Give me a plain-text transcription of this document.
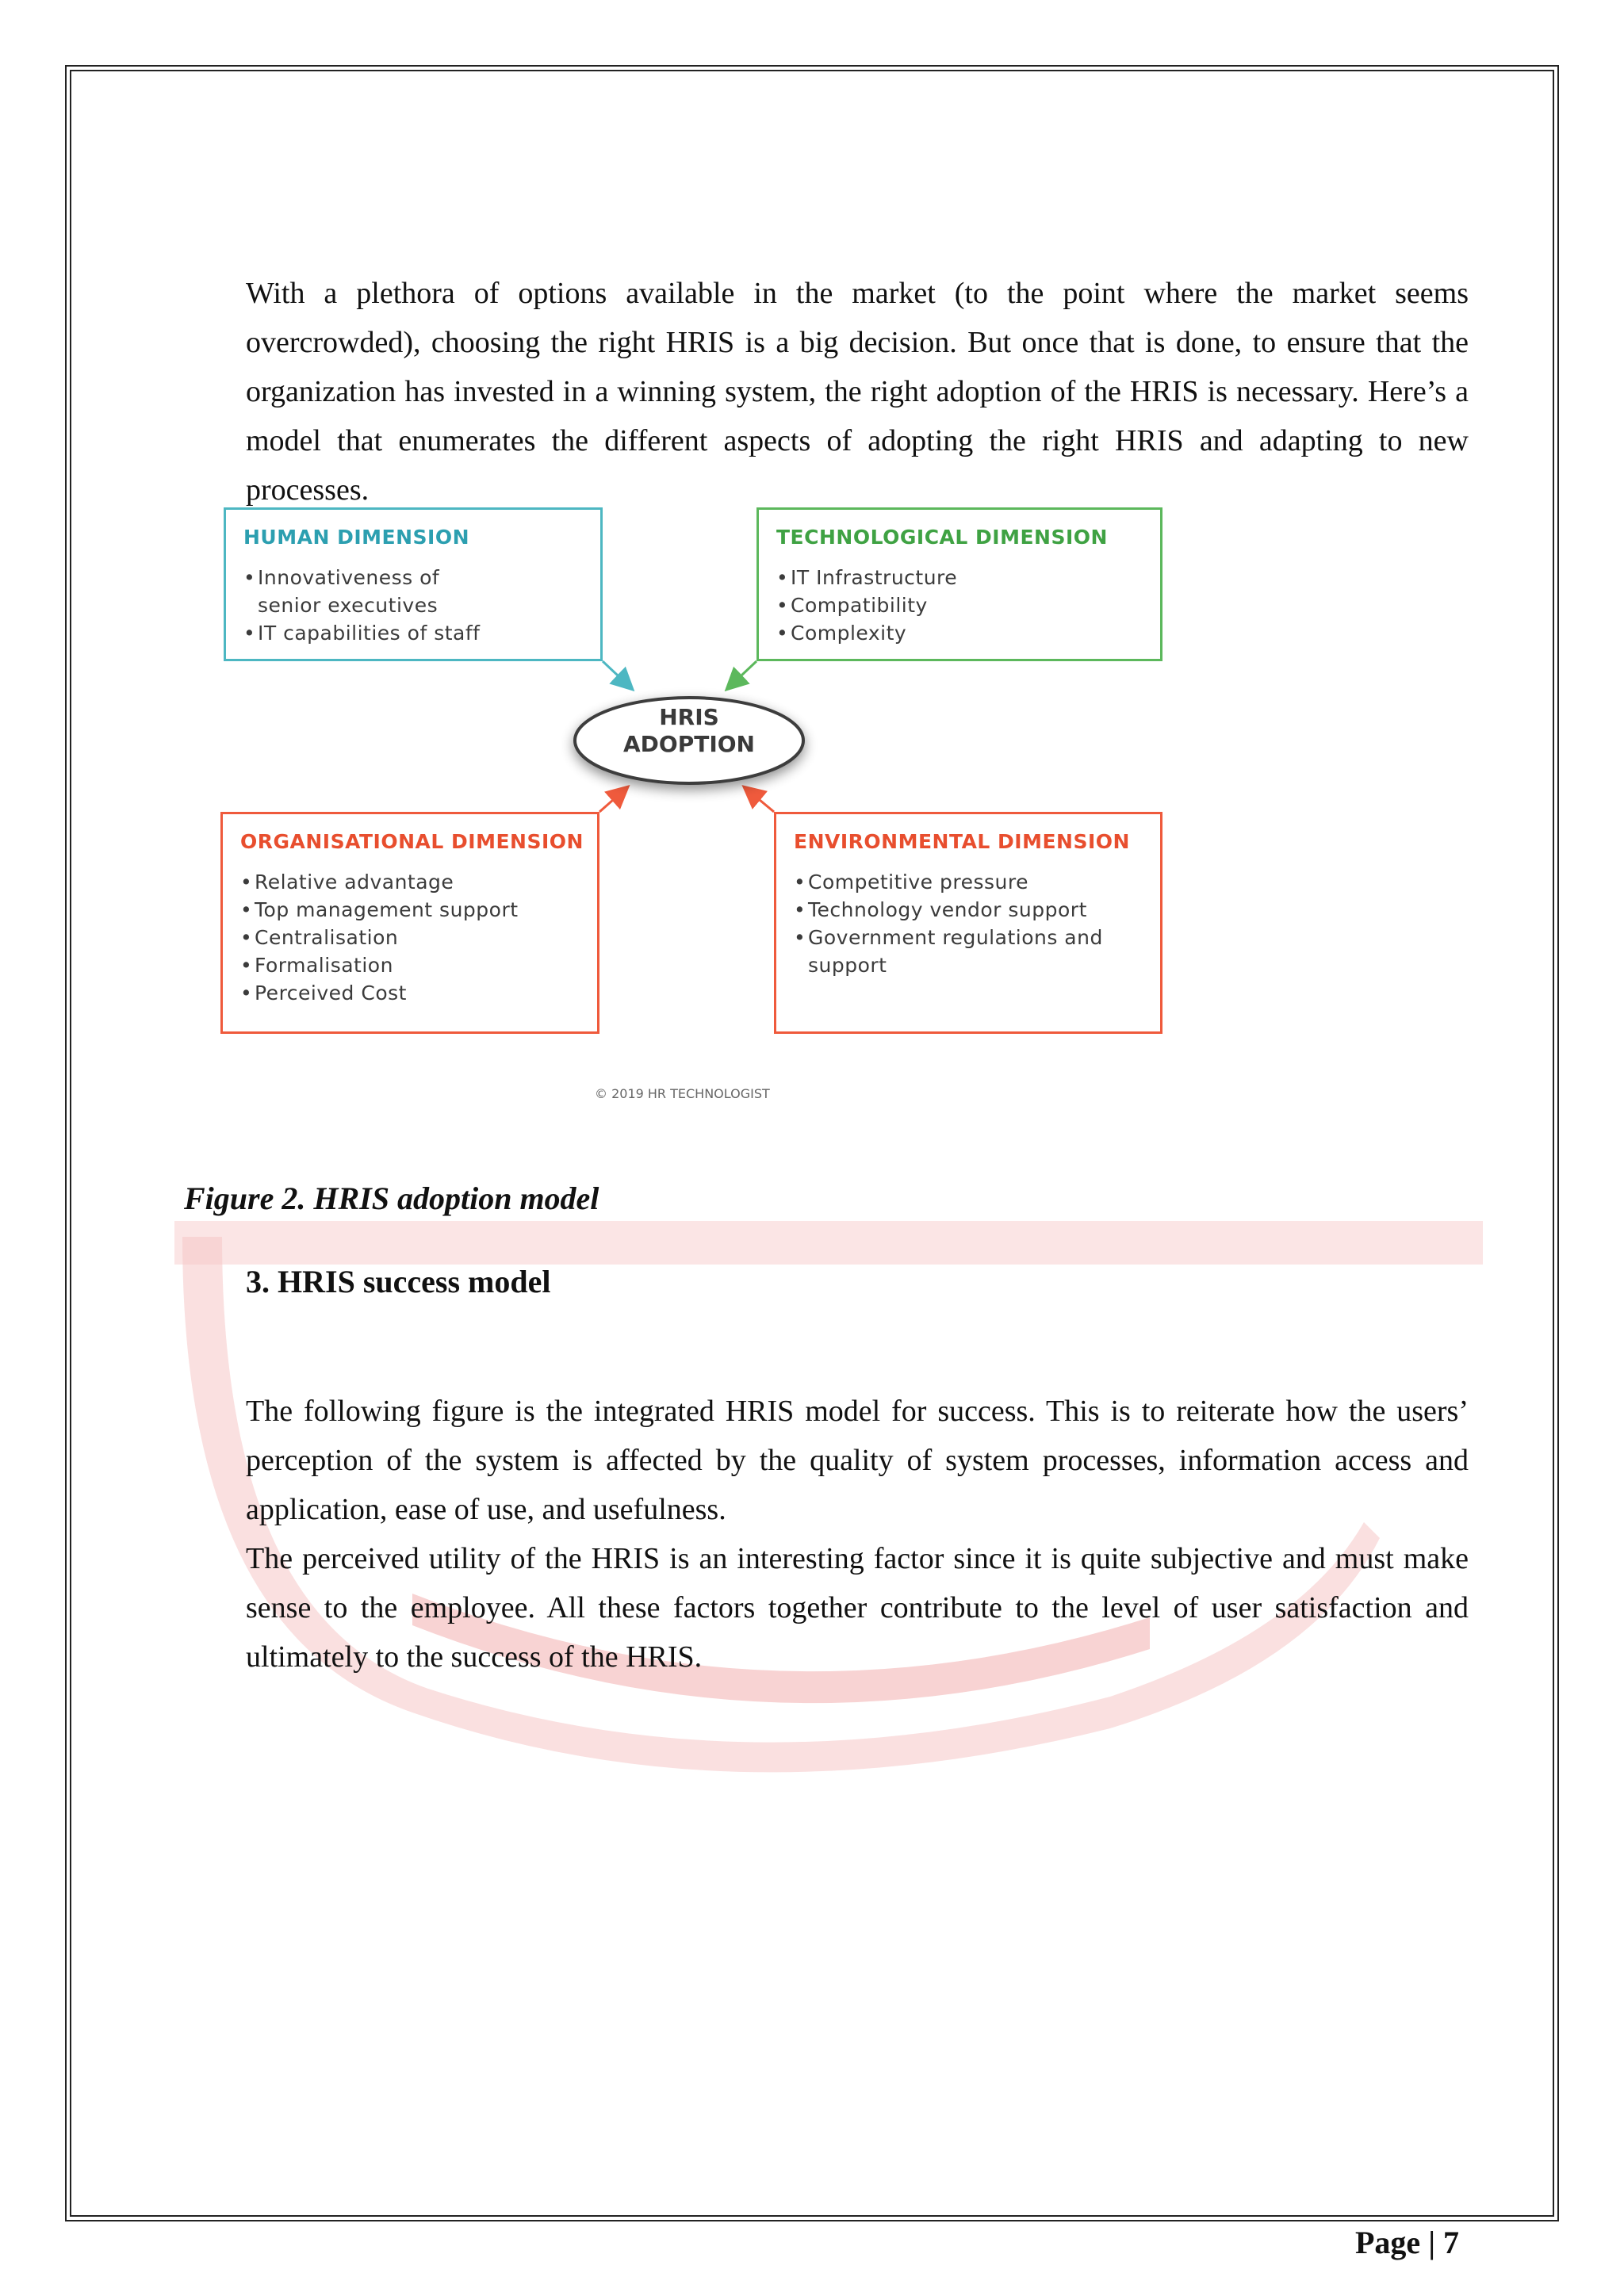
With a plethora of options available in the market (to the point where the market seems overcrowded), choosing the right HRIS is a big decision. But once that is done, to ensure that the organization has invested in a winning system, the right adoption of the HRIS is necessary. Here’s a model that enumerates the different aspects of adopting the right HRIS and adapting to new processes.

HUMAN DIMENSION
• Innovativeness of senior executives
• IT capabilities of staff
TECHNOLOGICAL DIMENSION
• IT Infrastructure
• Compatibility
• Complexity
HRIS
ADOPTION
ORGANISATIONAL DIMENSION
• Relative advantage
• Top management support
• Centralisation
• Formalisation
• Perceived Cost
ENVIRONMENTAL DIMENSION
• Competitive pressure
• Technology vendor support
• Government regulations and support
© 2019 HR TECHNOLOGIST
Figure 2. HRIS adoption model
3. HRIS success model

The following figure is the integrated HRIS model for success. This is to reiterate how the users’ perception of the system is affected by the quality of system processes, information access and application, ease of use, and usefulness.

The perceived utility of the HRIS is an interesting factor since it is quite subjective and must make sense to the employee. All these factors together contribute to the level of user satisfaction and ultimately to the success of the HRIS.

Page | 7
